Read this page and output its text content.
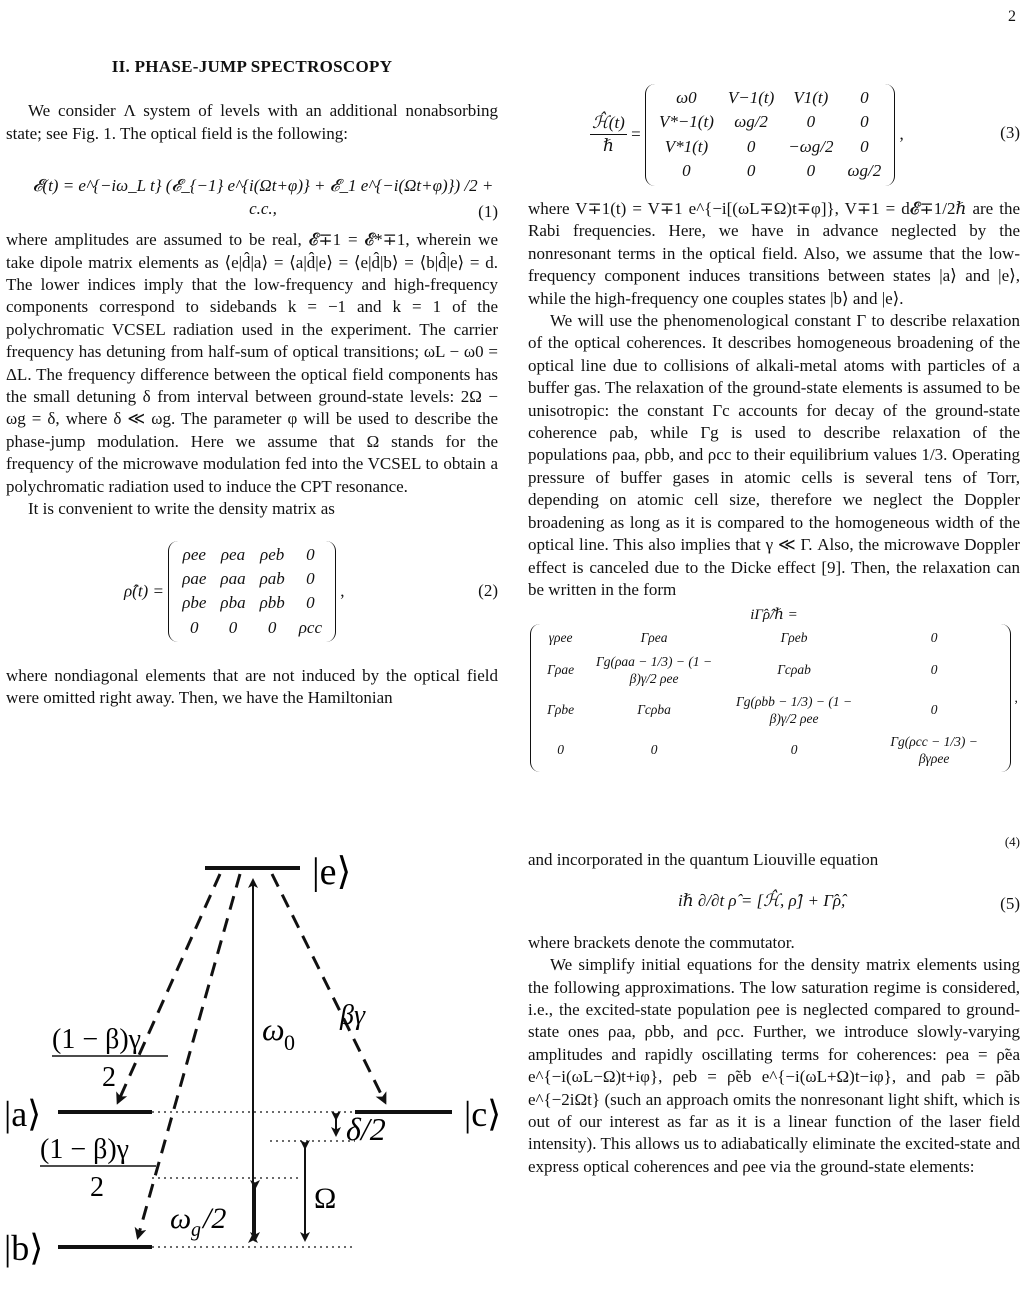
2
II. PHASE-JUMP SPECTROSCOPY

We consider Λ system of levels with an additional nonabsorbing state; see Fig. 1. The optical field is the following:

𝓔(t) = e^{−iω_L t} (𝓔_{−1} e^{i(Ωt+φ)} + 𝓔_1 e^{−i(Ωt+φ)}) /2 + c.c.,	(1)

where amplitudes are assumed to be real, 𝓔∓1 = 𝓔*∓1, wherein we take dipole matrix elements as ⟨e|d̂|a⟩ = ⟨a|d̂|e⟩ = ⟨e|d̂|b⟩ = ⟨b|d̂|e⟩ = d. The lower indices imply that the low-frequency and high-frequency components correspond to sidebands k = −1 and k = 1 of the polychromatic VCSEL radiation used in the experiment. The carrier frequency has detuning from half-sum of optical transitions; ωL − ω0 = ΔL. The frequency difference between the optical field components has the small detuning δ from interval between ground-state levels: 2Ω − ωg = δ, where δ ≪ ωg. The parameter φ will be used to describe the phase-jump modulation. Here we assume that Ω stands for the frequency of the microwave modulation fed into the VCSEL to obtain a polychromatic radiation used to induce the CPT resonance.

It is convenient to write the density matrix as

ρ̂(t) =
ρee	ρea	ρeb	0
ρae	ρaa	ρab	0
ρbe	ρba	ρbb	0
0	0	0	ρcc
,	(2)

where nondiagonal elements that are not induced by the optical field were omitted right away. Then, we have the Hamiltonian

|e⟩
|a⟩
|b⟩
|c⟩
(1 − β)γ
2
(1 − β)γ
2
βγ
ω 0
δ/2
ω g /2
Ω
$\frac{\text{ℋ̂(t)}}{\text{ℏ}}$ =
ω0	V−1(t)	V1(t)	0
V*−1(t)	ωg/2	0	0
V*1(t)	0	−ωg/2	0
0	0	0	ωg/2
,	(3)

where V∓1(t) = V∓1 e^{−i[(ωL∓Ω)t∓φ]}, V∓1 = d𝓔∓1/2ℏ are the Rabi frequencies. Here, we have in advance neglected by the nonresonant terms in the optical field. Also, we assume that the low-frequency component induces transitions between states |a⟩ and |e⟩, while the high-frequency one couples states |b⟩ and |e⟩.

We will use the phenomenological constant Γ to describe relaxation of the optical coherences. It describes homogeneous broadening of the optical line due to collisions of alkali-metal atoms with particles of a buffer gas. The relaxation of the ground-state elements is assumed to be unisotropic: the constant Γc accounts for decay of the ground-state coherence ρab, while Γg is used to describe relaxation of the populations ρaa, ρbb, and ρcc to their equilibrium values 1/3. Operating pressure of buffer gases in atomic cells is several tens of Torr, depending on atomic cell size, therefore we neglect the Doppler broadening as long as it is compared to the homogeneous width of the optical line. This also implies that γ ≪ Γ. Also, the microwave Doppler effect is canceled due to the Dicke effect [9]. Then, the relaxation can be written in the form

iΓ̂ρ̂/ℏ =
γρee	Γρea	Γρeb	0
Γρae	Γg(ρaa − 1/3) − (1 − β)γ/2 ρee	Γcρab	0
Γρbe	Γcρba	Γg(ρbb − 1/3) − (1 − β)γ/2 ρee	0
0	0	0	Γg(ρcc − 1/3) − βγρee
,
(4)

and incorporated in the quantum Liouville equation

iℏ ∂/∂t ρ̂ = [ℋ̂, ρ̂] + Γ̂ρ̂,	(5)

where brackets denote the commutator.

We simplify initial equations for the density matrix elements using the following approximations. The low saturation regime is considered, i.e., the excited-state population ρee is neglected compared to ground-state ones ρaa, ρbb, and ρcc. Further, we introduce slowly-varying amplitudes and rapidly oscillating terms for coherences: ρea = ρ̃ea e^{−i(ωL−Ω)t+iφ}, ρeb = ρ̃eb e^{−i(ωL+Ω)t−iφ}, and ρab = ρ̃ab e^{−2iΩt} (such an approach omits the nonresonant light shift, which is out of our interest as far as it is a linear function of the laser field intensity). This allows us to adiabatically eliminate the excited-state and express optical coherences and ρee via the ground-state elements:
